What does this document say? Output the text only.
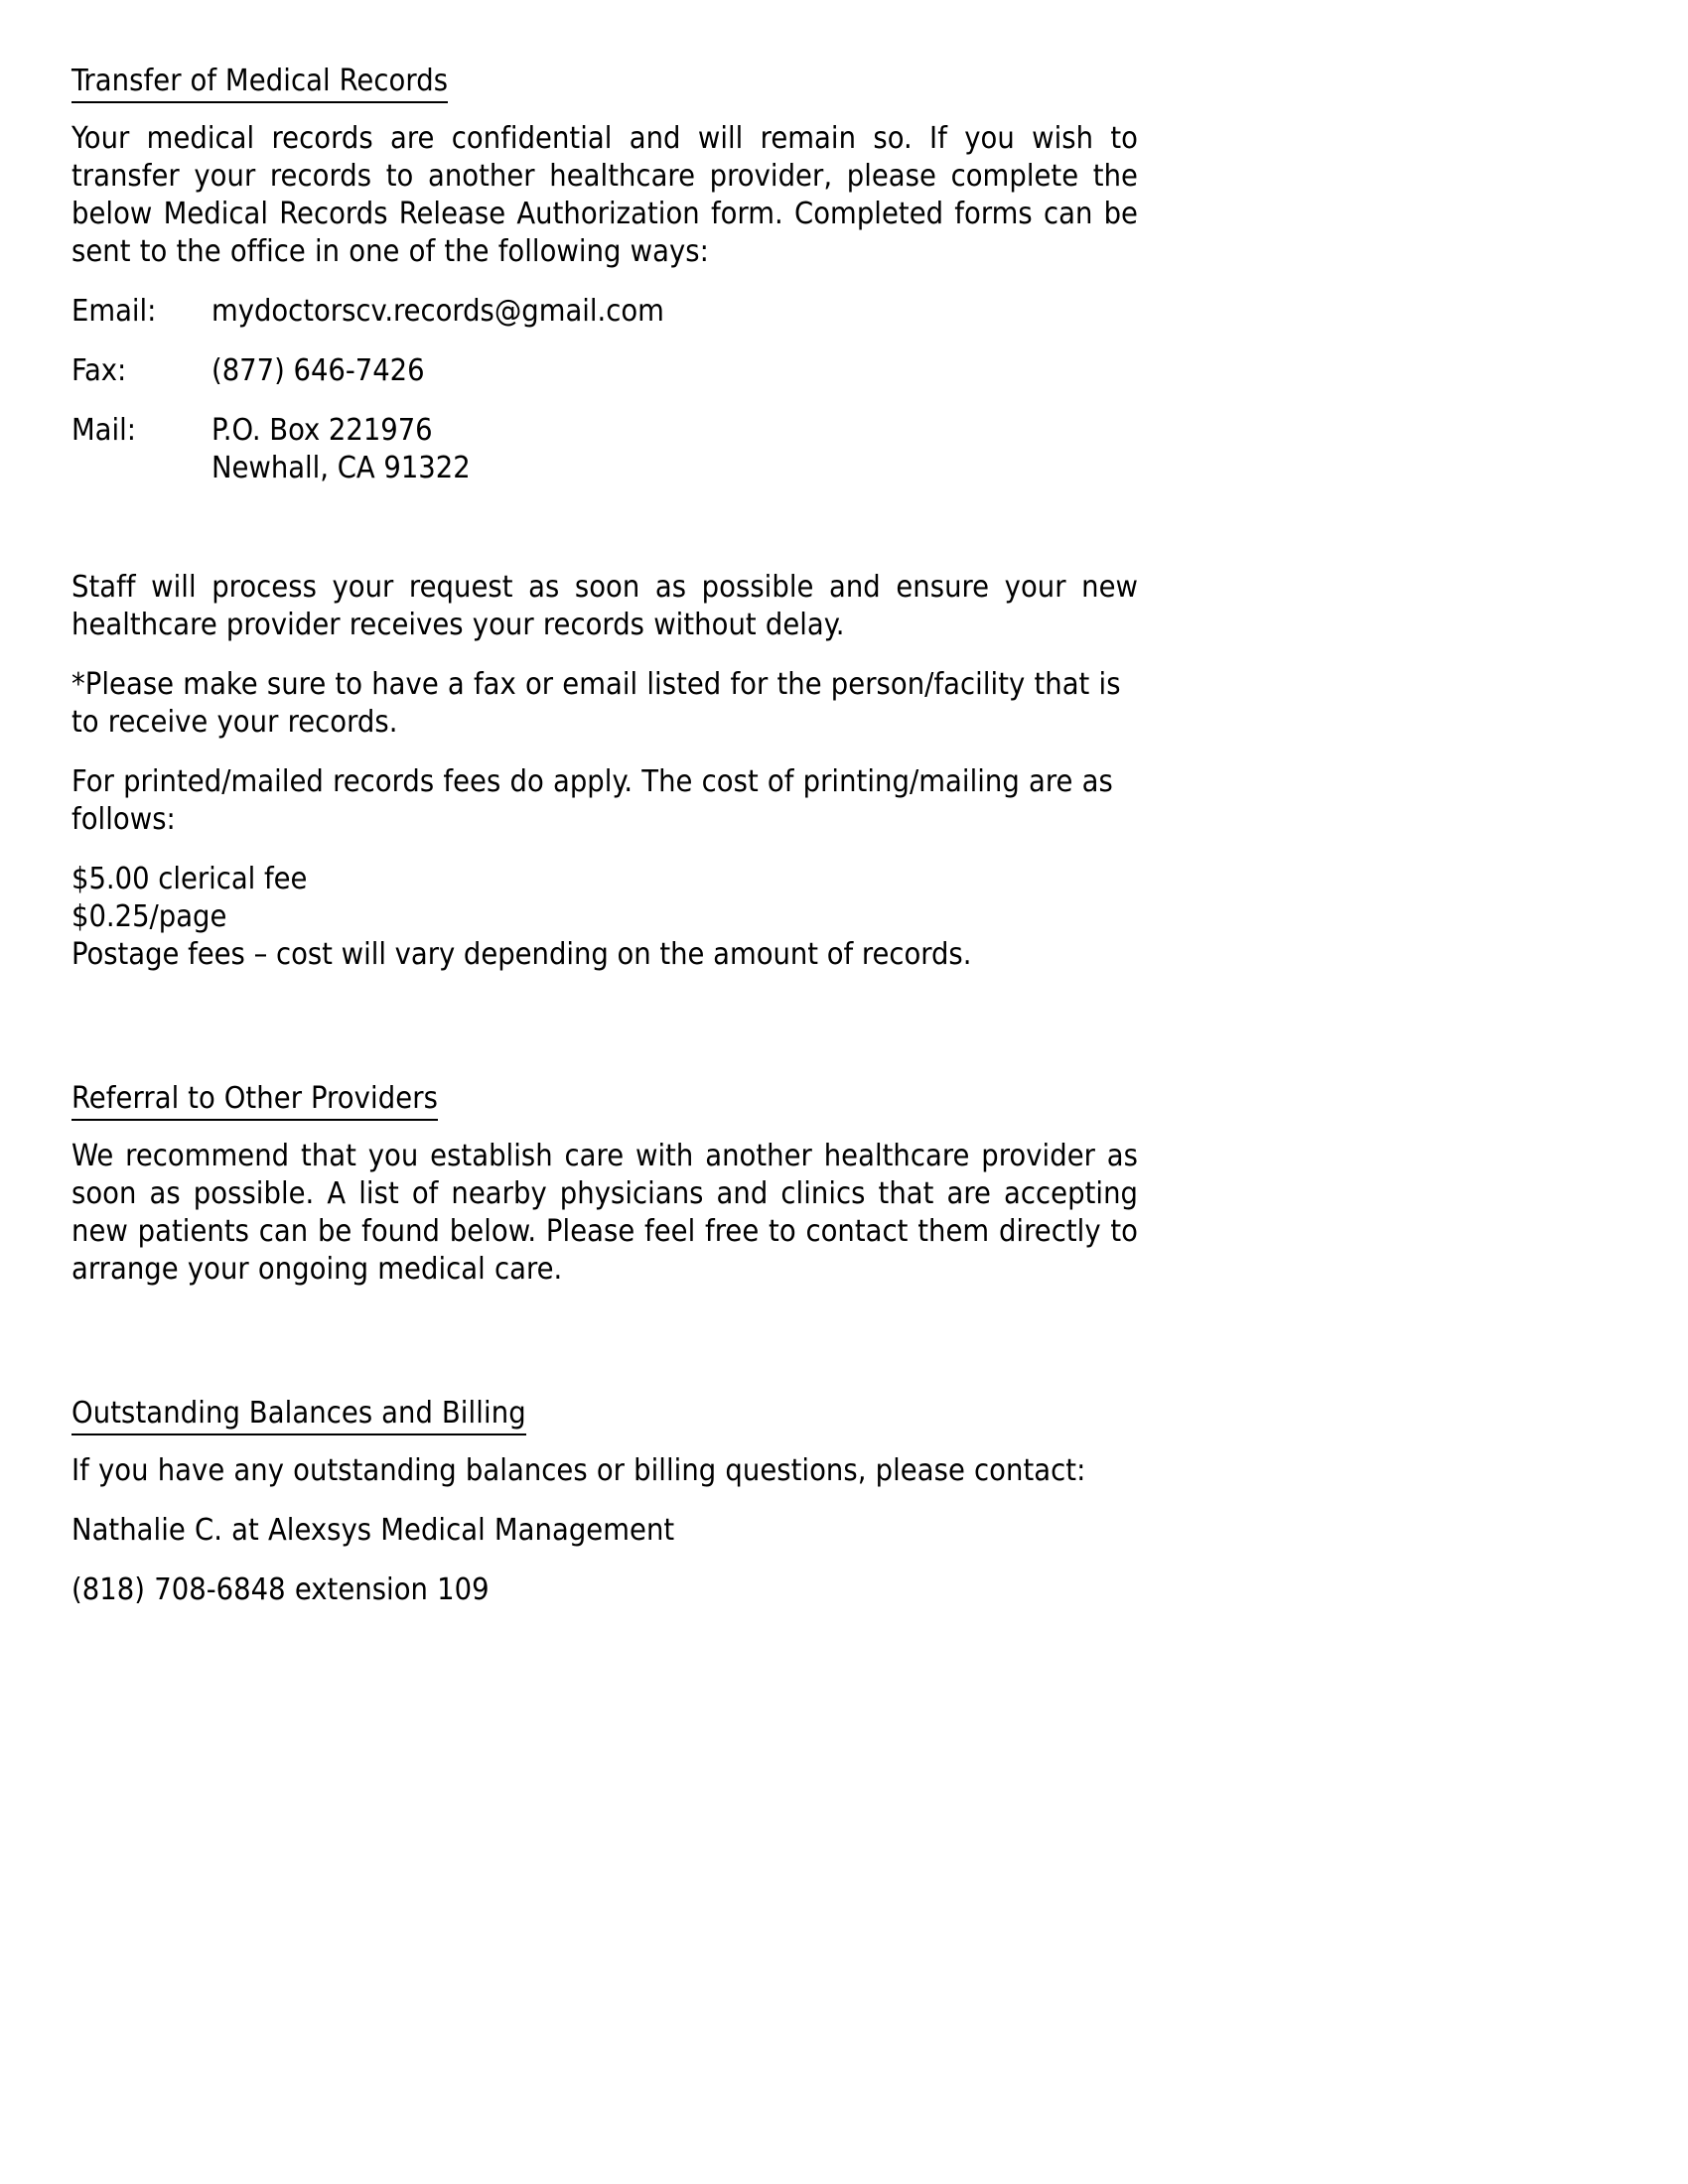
Transfer of Medical Records

Your medical records are confidential and will remain so. If you wish to transfer your records to another healthcare provider, please complete the below Medical Records Release Authorization form. Completed forms can be sent to the office in one of the following ways:

Email:	mydoctorscv.records@gmail.com
Fax:	(877) 646-7426
Mail:	P.O. Box 221976
Newhall, CA 91322

Staff will process your request as soon as possible and ensure your new healthcare provider receives your records without delay.

*Please make sure to have a fax or email listed for the person/facility that is to receive your records.

For printed/mailed records fees do apply. The cost of printing/mailing are as follows:

$5.00 clerical fee
$0.25/page
Postage fees – cost will vary depending on the amount of records.
Referral to Other Providers

We recommend that you establish care with another healthcare provider as soon as possible. A list of nearby physicians and clinics that are accepting new patients can be found below. Please feel free to contact them directly to arrange your ongoing medical care.

Outstanding Balances and Billing

If you have any outstanding balances or billing questions, please contact:

Nathalie C. at Alexsys Medical Management

(818) 708-6848 extension 109
